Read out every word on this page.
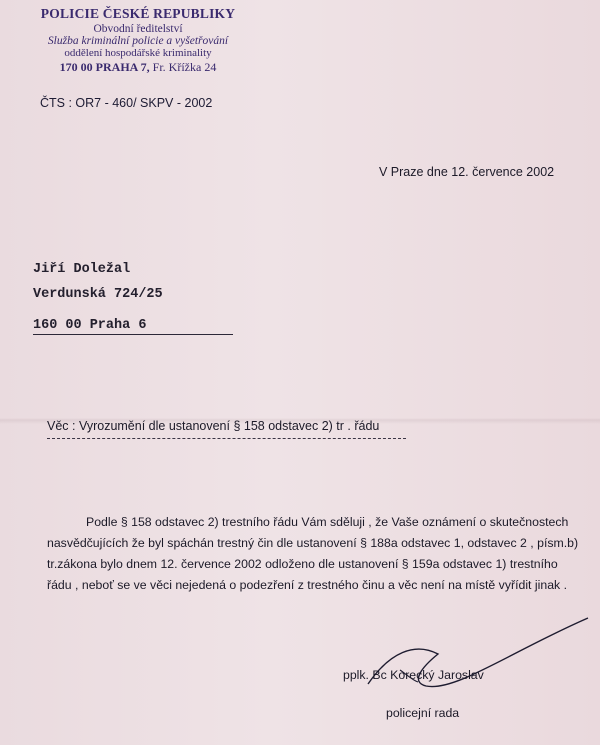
POLICIE ČESKÉ REPUBLIKY
Obvodní ředitelství
Služba kriminální policie a vyšetřování
oddělení hospodářské kriminality
170 00 PRAHA 7, Fr. Křížka 24
ČTS : OR7 - 460/ SKPV - 2002
V Praze dne 12. července 2002
Jiří Doležal
Verdunská 724/25
160 00 Praha 6
Věc : Vyrozumění dle ustanovení § 158 odstavec 2) tr . řádu

Podle § 158 odstavec 2) trestního řádu Vám sděluji , že Vaše oznámení o skutečnostech nasvědčujících že byl spáchán trestný čin dle ustanovení § 188a odstavec 1, odstavec 2 , písm.b) tr.zákona bylo dnem 12. července 2002 odloženo dle ustanovení § 159a odstavec 1) trestního řádu , neboť se ve věci nejedená o podezření z trestného činu a věc není na místě vyřídit jinak .

pplk. Bc Korecký Jaroslav
policejní rada
